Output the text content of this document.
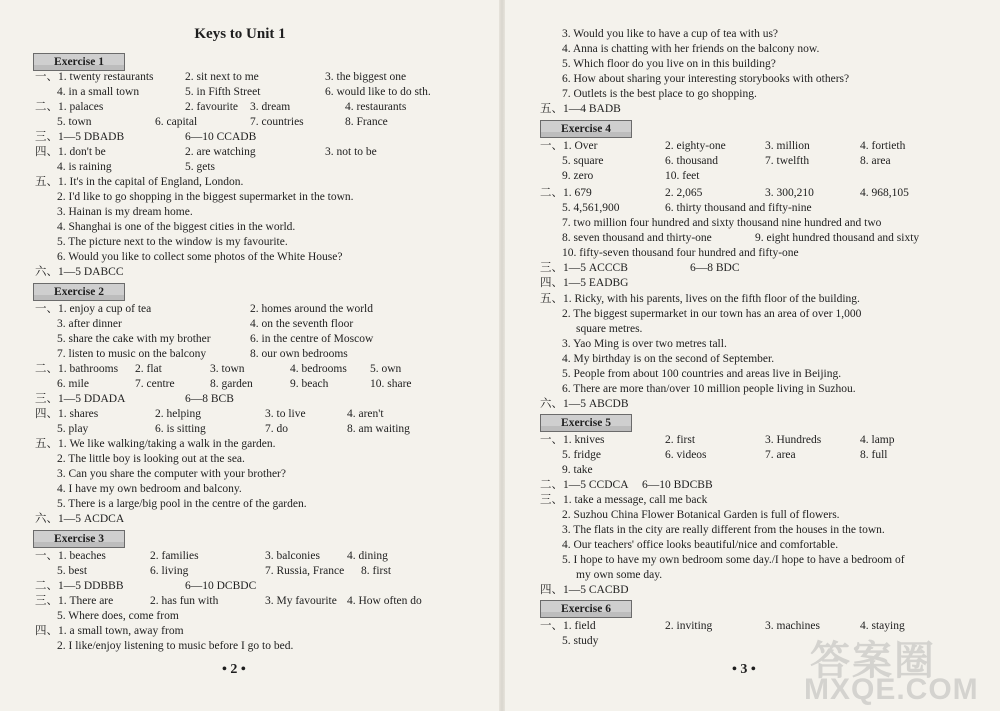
Keys to Unit 1
Exercise 1
一、1. twenty restaurants	2. sit next to me	3. the biggest one
4. in a small town	5. in Fifth Street	6. would like to do sth.
二、1. palaces	2. favourite 3. dream	4. restaurants
5. town	6. capital	7. countries	8. France
三、1—5 DBADB	6—10 CCADB
四、1. don't be	2. are watching	3. not to be
4. is raining	5. gets
五、1. It's in the capital of England, London.
2. I'd like to go shopping in the biggest supermarket in the town.
3. Hainan is my dream home.
4. Shanghai is one of the biggest cities in the world.
5. The picture next to the window is my favourite.
6. Would you like to collect some photos of the White House?
六、1—5 DABCC
Exercise 2
一、1. enjoy a cup of tea	2. homes around the world
3. after dinner	4. on the seventh floor
5. share the cake with my brother	6. in the centre of Moscow
7. listen to music on the balcony	8. our own bedrooms
二、1. bathrooms 2. flat	3. town	4. bedrooms 5. own
6. mile	7. centre	8. garden	9. beach	10. share
三、1—5 DDADA	6—8 BCB
四、1. shares	2. helping	3. to live	4. aren't
5. play	6. is sitting	7. do	8. am waiting
五、1. We like walking/taking a walk in the garden.
2. The little boy is looking out at the sea.
3. Can you share the computer with your brother?
4. I have my own bedroom and balcony.
5. There is a large/big pool in the centre of the garden.
六、1—5 ACDCA
Exercise 3
一、1. beaches	2. families	3. balconies 4. dining
5. best	6. living	7. Russia, France 8. first
二、1—5 DDBBB	6—10 DCBDC
三、1. There are	2. has fun with	3. My favourite 4. How often do
5. Where does, come from
四、1. a small town, away from
2. I like/enjoy listening to music before I go to bed.
• 2 •
3. Would you like to have a cup of tea with us?
4. Anna is chatting with her friends on the balcony now.
5. Which floor do you live on in this building?
6. How about sharing your interesting storybooks with others?
7. Outlets is the best place to go shopping.
五、1—4 BADB
Exercise 4
一、1. Over	2. eighty-one	3. million	4. fortieth
5. square	6. thousand	7. twelfth	8. area
9. zero	10. feet
二、1. 679	2. 2,065	3. 300,210	4. 968,105
5. 4,561,900	6. thirty thousand and fifty-nine
7. two million four hundred and sixty thousand nine hundred and two
8. seven thousand and thirty-one	9. eight hundred thousand and sixty
10. fifty-seven thousand four hundred and fifty-one
三、1—5 ACCCB	6—8 BDC
四、1—5 EADBG
五、1. Ricky, with his parents, lives on the fifth floor of the building.
2. The biggest supermarket in our town has an area of over 1,000
square metres.
3. Yao Ming is over two metres tall.
4. My birthday is on the second of September.
5. People from about 100 countries and areas live in Beijing.
6. There are more than/over 10 million people living in Suzhou.
六、1—5 ABCDB
Exercise 5
一、1. knives	2. first	3. Hundreds	4. lamp
5. fridge	6. videos	7. area	8. full
9. take
二、1—5 CCDCA 6—10 BDCBB
三、1. take a message, call me back
2. Suzhou China Flower Botanical Garden is full of flowers.
3. The flats in the city are really different from the houses in the town.
4. Our teachers' office looks beautiful/nice and comfortable.
5. I hope to have my own bedroom some day./I hope to have a bedroom of
my own some day.
四、1—5 CACBD
Exercise 6
一、1. field	2. inviting	3. machines	4. staying
5. study
• 3 • 答案圈
MXQE.COM
